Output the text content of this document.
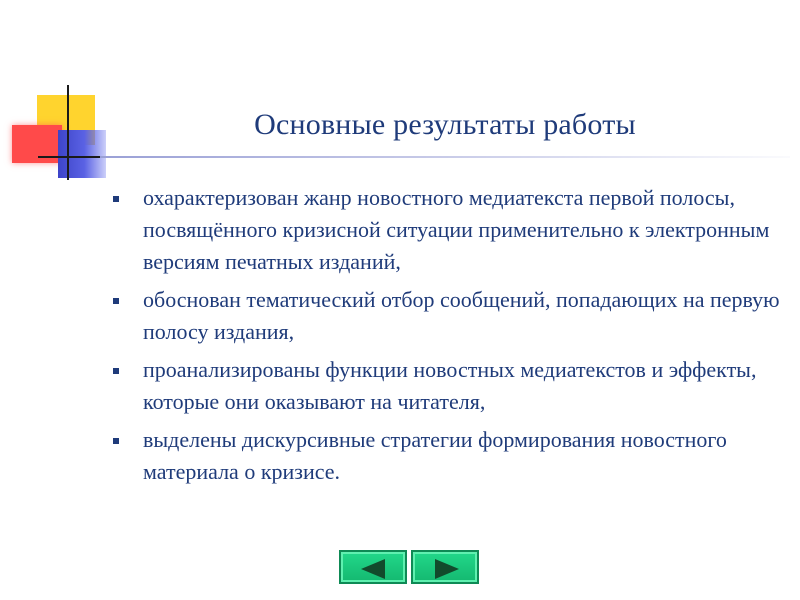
Основные результаты работы
охарактеризован жанр новостного медиатекста первой полосы, посвящённого кризисной ситуации применительно к электронным версиям печатных изданий,
обоснован тематический отбор сообщений, попадающих на первую полосу издания,
проанализированы функции новостных медиатекстов и эффекты, которые они оказывают на читателя,
выделены дискурсивные стратегии формирования новостного материала о кризисе.
